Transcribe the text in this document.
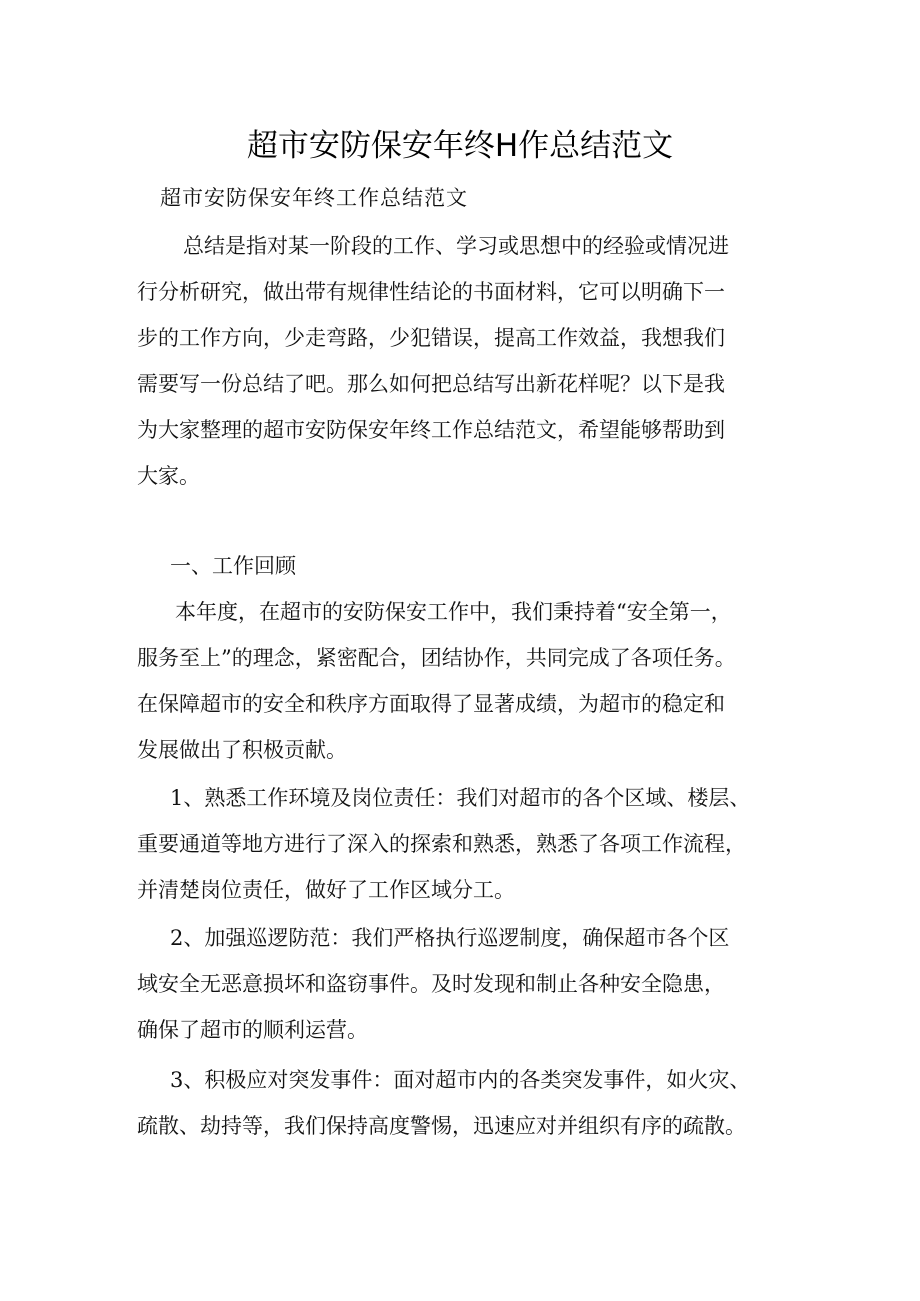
超市安防保安年终H作总结范文
超市安防保安年终工作总结范文
总结是指对某一阶段的工作、学习或思想中的经验或情况进
行分析研究，做出带有规律性结论的书面材料，它可以明确下一
步的工作方向，少走弯路，少犯错误，提高工作效益，我想我们
需要写一份总结了吧。那么如何把总结写出新花样呢？以下是我
为大家整理的超市安防保安年终工作总结范文，希望能够帮助到
大家。
一、工作回顾
本年度，在超市的安防保安工作中，我们秉持着“安全第一，
服务至上”的理念，紧密配合，团结协作，共同完成了各项任务。
在保障超市的安全和秩序方面取得了显著成绩，为超市的稳定和
发展做出了积极贡献。
1、熟悉工作环境及岗位责任：我们对超市的各个区域、楼层、
重要通道等地方进行了深入的探索和熟悉，熟悉了各项工作流程，
并清楚岗位责任，做好了工作区域分工。
2、加强巡逻防范：我们严格执行巡逻制度，确保超市各个区
域安全无恶意损坏和盗窃事件。及时发现和制止各种安全隐患，
确保了超市的顺利运营。
3、积极应对突发事件：面对超市内的各类突发事件，如火灾、
疏散、劫持等，我们保持高度警惕，迅速应对并组织有序的疏散。
